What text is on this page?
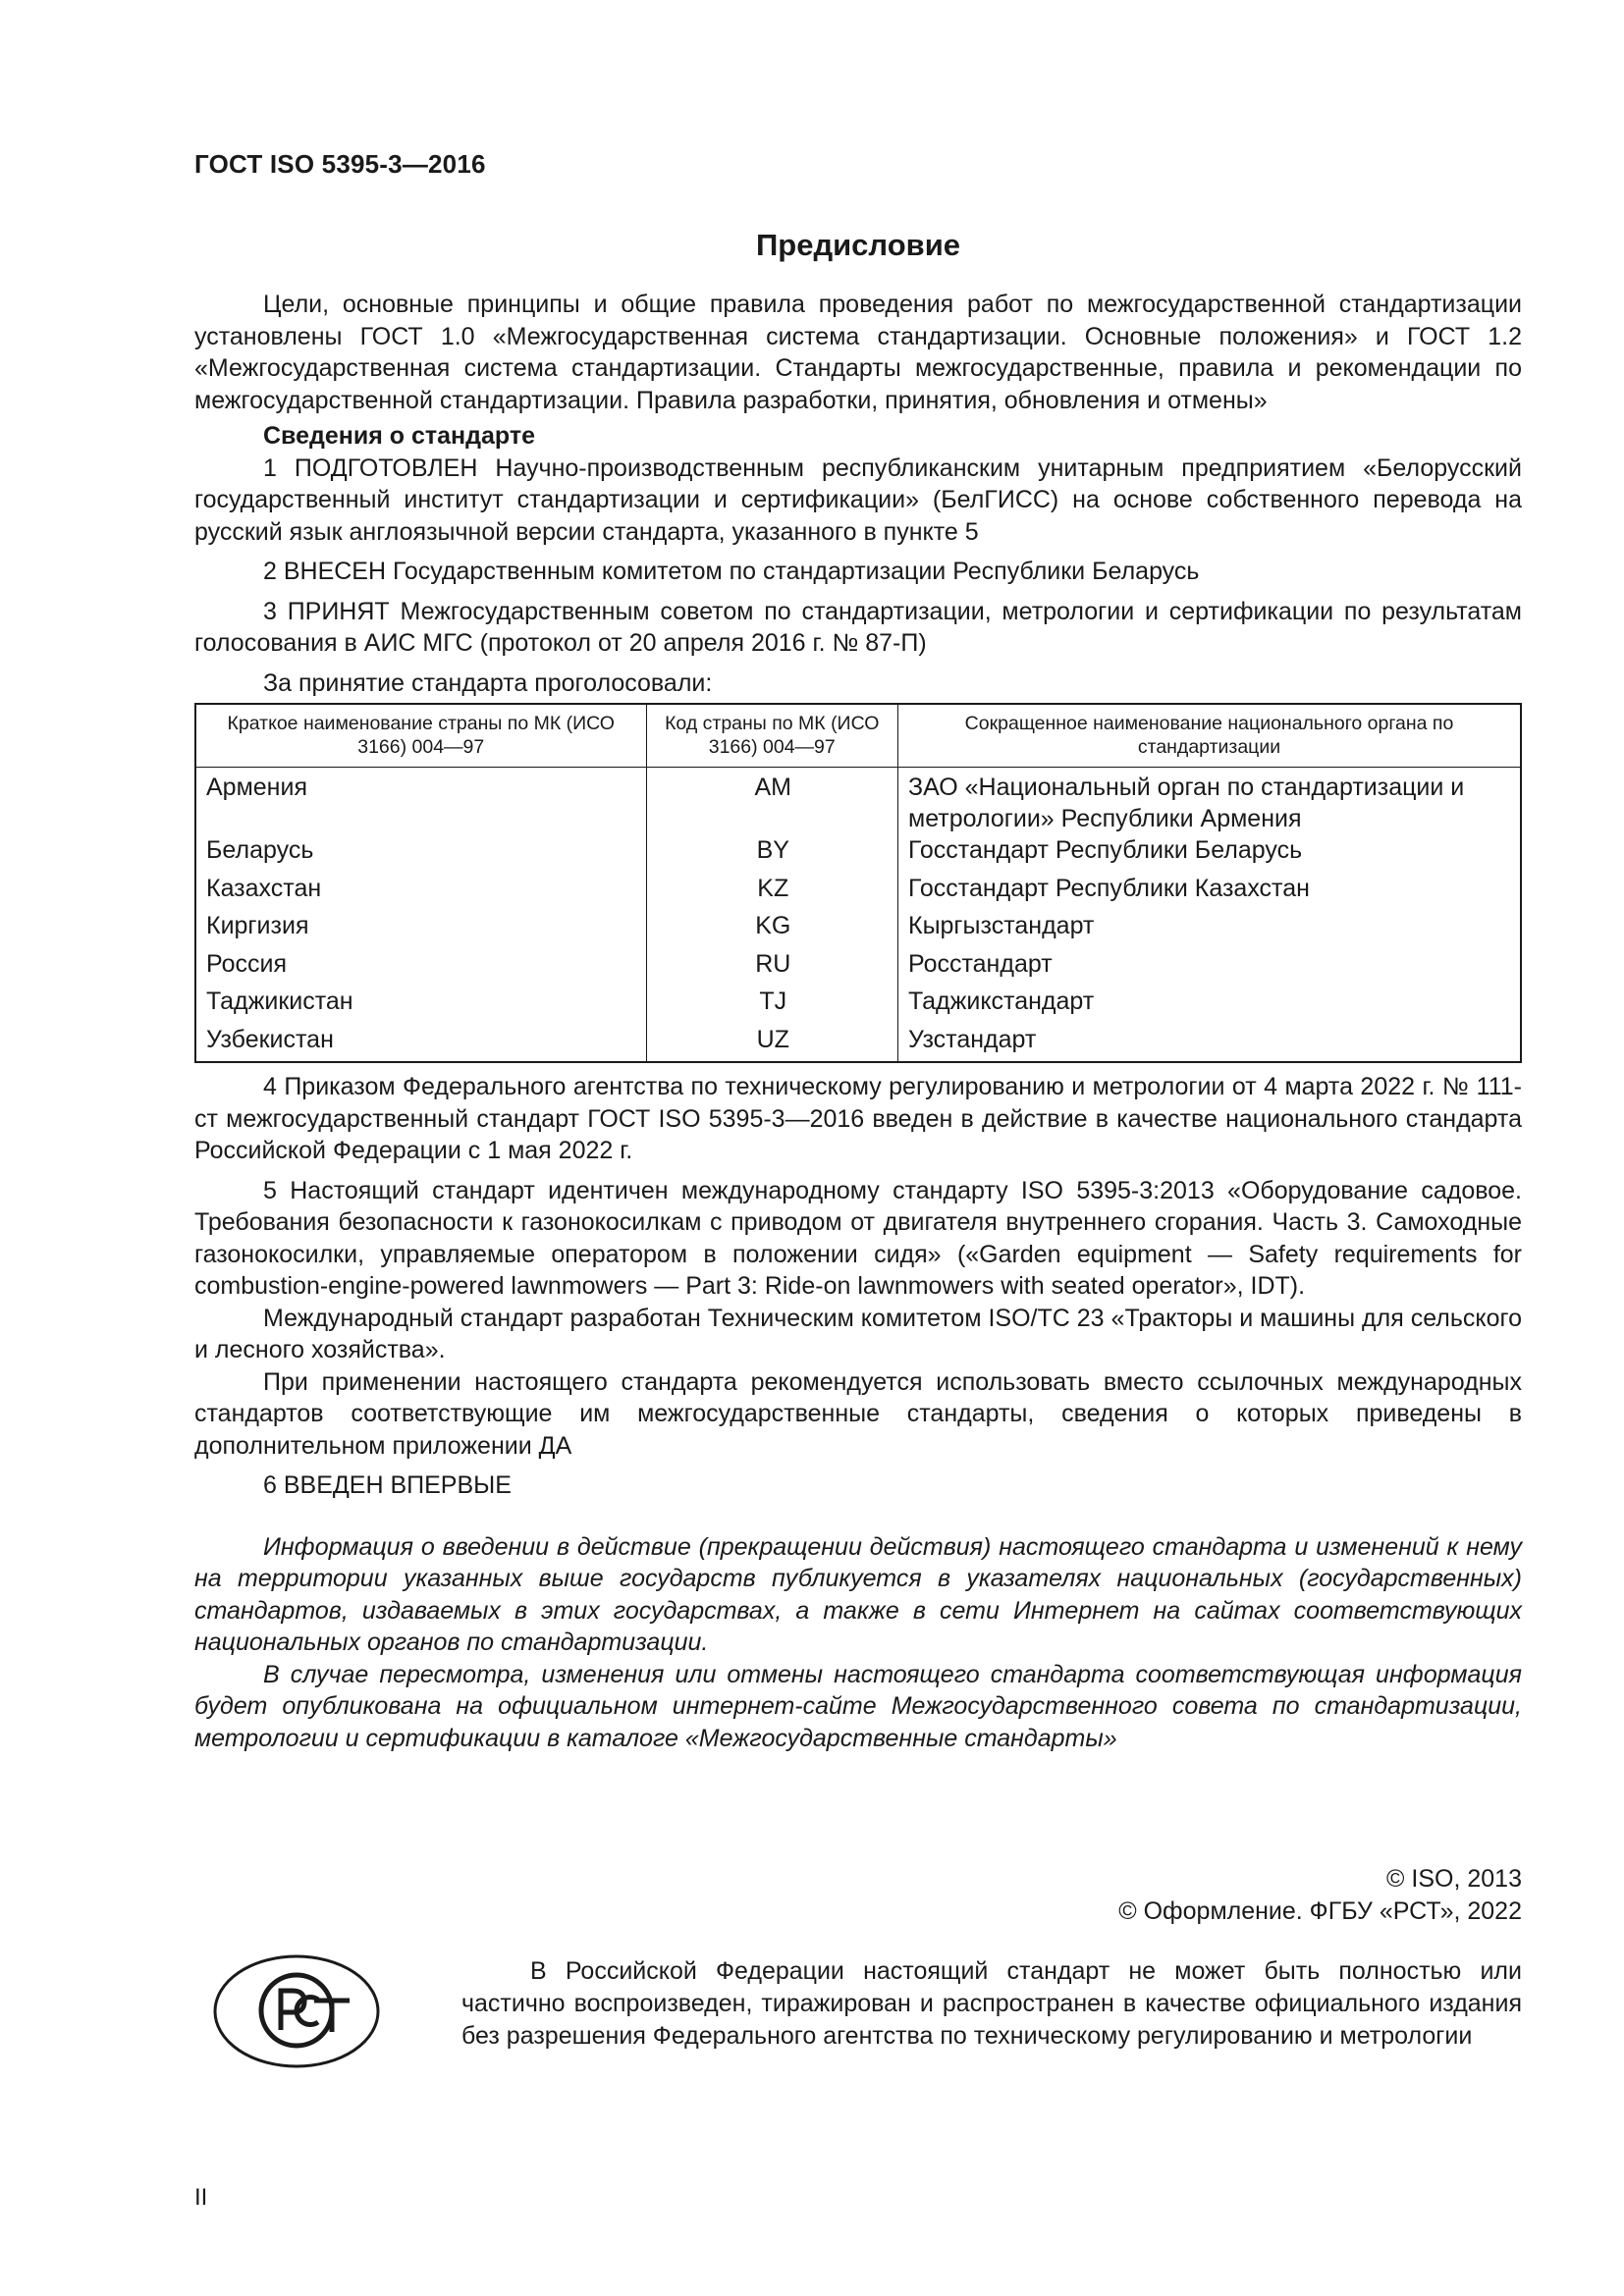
ГОСТ ISO 5395-3—2016
Предисловие

Цели, основные принципы и общие правила проведения работ по межгосударственной стандартизации установлены ГОСТ 1.0 «Межгосударственная система стандартизации. Основные положения» и ГОСТ 1.2 «Межгосударственная система стандартизации. Стандарты межгосударственные, правила и рекомендации по межгосударственной стандартизации. Правила разработки, принятия, обновления и отмены»

Сведения о стандарте

1 ПОДГОТОВЛЕН Научно-производственным республиканским унитарным предприятием «Белорусский государственный институт стандартизации и сертификации» (БелГИСС) на основе собственного перевода на русский язык англоязычной версии стандарта, указанного в пункте 5

2 ВНЕСЕН Государственным комитетом по стандартизации Республики Беларусь

3 ПРИНЯТ Межгосударственным советом по стандартизации, метрологии и сертификации по результатам голосования в АИС МГС (протокол от 20 апреля 2016 г. № 87-П)

За принятие стандарта проголосовали:

Краткое наименование страны по МК (ИСО 3166) 004—97	Код страны по МК (ИСО 3166) 004—97	Сокращенное наименование национального органа по стандартизации
Армения	AM	ЗАО «Национальный орган по стандартизации и метрологии» Республики Армения
Беларусь	BY	Госстандарт Республики Беларусь
Казахстан	KZ	Госстандарт Республики Казахстан
Киргизия	KG	Кыргызстандарт
Россия	RU	Росстандарт
Таджикистан	TJ	Таджикстандарт
Узбекистан	UZ	Узстандарт

4 Приказом Федерального агентства по техническому регулированию и метрологии от 4 марта 2022 г. № 111-ст межгосударственный стандарт ГОСТ ISO 5395-3—2016 введен в действие в качестве национального стандарта Российской Федерации с 1 мая 2022 г.

5 Настоящий стандарт идентичен международному стандарту ISO 5395-3:2013 «Оборудование садовое. Требования безопасности к газонокосилкам с приводом от двигателя внутреннего сгорания. Часть 3. Самоходные газонокосилки, управляемые оператором в положении сидя» («Garden equipment — Safety requirements for combustion-engine-powered lawnmowers — Part 3: Ride-on lawnmowers with seated operator», IDT).

Международный стандарт разработан Техническим комитетом ISO/TC 23 «Тракторы и машины для сельского и лесного хозяйства».

При применении настоящего стандарта рекомендуется использовать вместо ссылочных международных стандартов соответствующие им межгосударственные стандарты, сведения о которых приведены в дополнительном приложении ДА

6 ВВЕДЕН ВПЕРВЫЕ

Информация о введении в действие (прекращении действия) настоящего стандарта и изменений к нему на территории указанных выше государств публикуется в указателях национальных (государственных) стандартов, издаваемых в этих государствах, а также в сети Интернет на сайтах соответствующих национальных органов по стандартизации.

В случае пересмотра, изменения или отмены настоящего стандарта соответствующая информация будет опубликована на официальном интернет-сайте Межгосударственного совета по стандартизации, метрологии и сертификации в каталоге «Межгосударственные стандарты»

© ISO, 2013
© Оформление. ФГБУ «РСТ», 2022

В Российской Федерации настоящий стандарт не может быть полностью или частично воспроизведен, тиражирован и распространен в качестве официального издания без разрешения Федерального агентства по техническому регулированию и метрологии

II
